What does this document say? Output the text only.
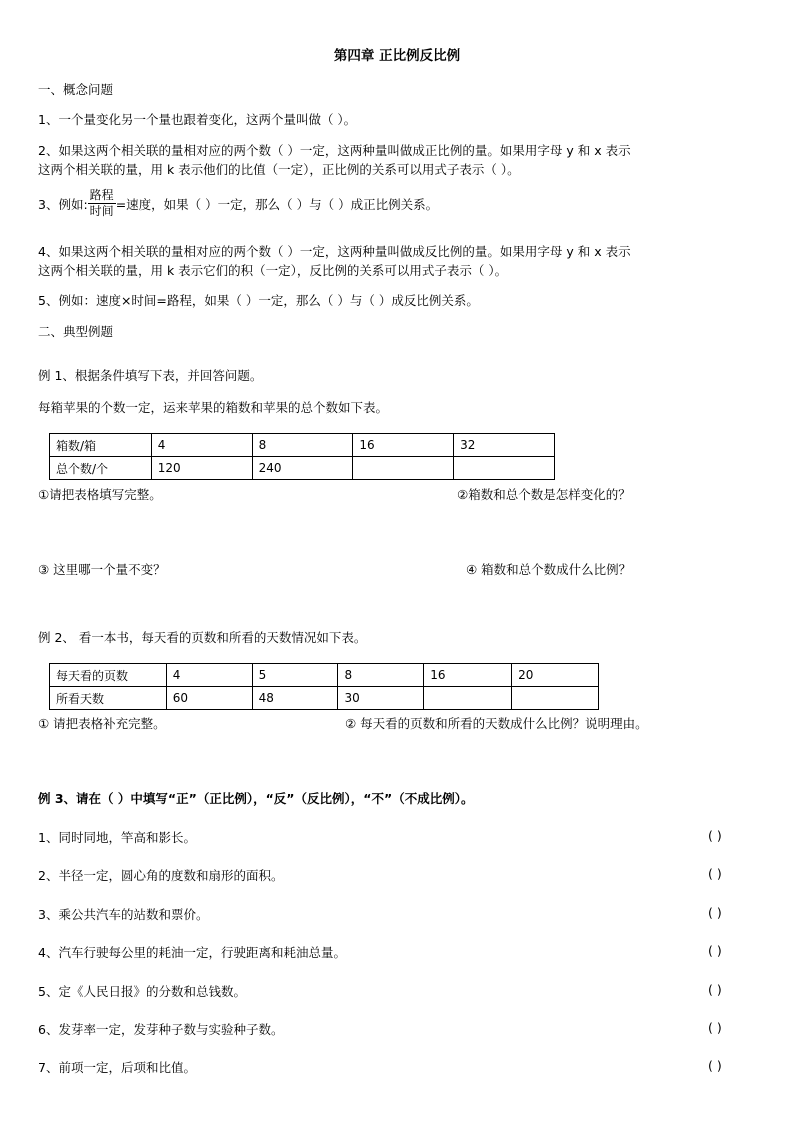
第四章 正比例反比例
一、概念问题
1、一个量变化另一个量也跟着变化，这两个量叫做（ ）。
2、如果这两个相关联的量相对应的两个数（ ）一定，这两种量叫做成正比例的量。如果用字母 y 和 x 表示
这两个相关联的量，用 k 表示他们的比值（一定），正比例的关系可以用式子表示（ ）。
3、例如: $\frac{\text{路程}}{\text{时间}}$ =速度，如果（ ）一定，那么（ ）与（ ）成正比例关系。
4、如果这两个相关联的量相对应的两个数（ ）一定，这两种量叫做成反比例的量。如果用字母 y 和 x 表示
这两个相关联的量，用 k 表示它们的积（一定），反比例的关系可以用式子表示（ ）。
5、例如：速度×时间=路程，如果（ ）一定，那么（ ）与（ ）成反比例关系。
二、典型例题
例 1、根据条件填写下表，并回答问题。
每箱苹果的个数一定，运来苹果的箱数和苹果的总个数如下表。
箱数/箱	4	8	16	32
总个数/个	120	240		
①请把表格填写完整。	②箱数和总个数是怎样变化的？
③ 这里哪一个量不变？	④ 箱数和总个数成什么比例？
例 2、 看一本书，每天看的页数和所看的天数情况如下表。
每天看的页数	4	5	8	16	20
所看天数	60	48	30		
① 请把表格补充完整。	② 每天看的页数和所看的天数成什么比例？说明理由。
例 3、请在（ ）中填写“正”（正比例），“反”（反比例），“不”（不成比例）。
1、同时同地，竿高和影长。	( )
2、半径一定，圆心角的度数和扇形的面积。	( )
3、乘公共汽车的站数和票价。	( )
4、汽车行驶每公里的耗油一定，行驶距离和耗油总量。	( )
5、定《人民日报》的分数和总钱数。	( )
6、发芽率一定，发芽种子数与实验种子数。	( )
7、前项一定，后项和比值。	( )
